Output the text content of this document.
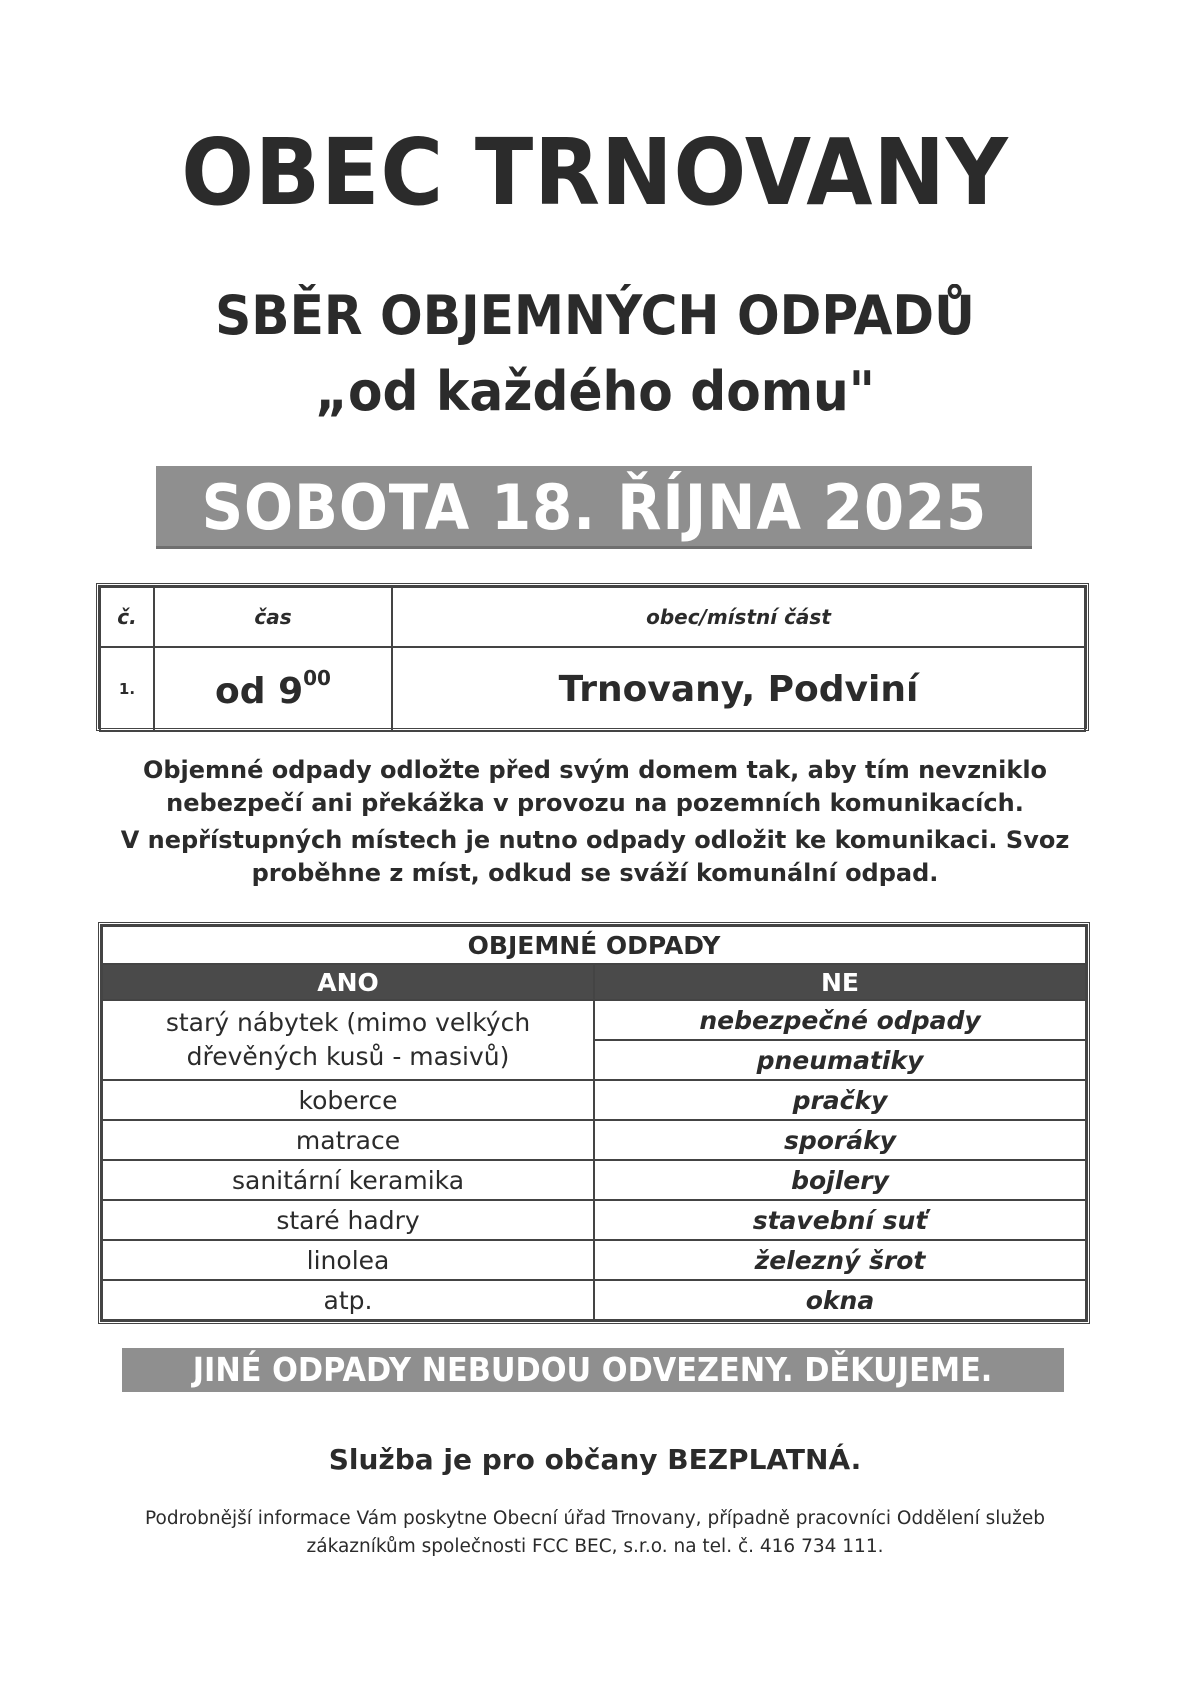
OBEC TRNOVANY
SBĚR OBJEMNÝCH ODPADŮ
„od každého domu"
SOBOTA 18. ŘÍJNA 2025
č.	čas	obec/místní část
1.	od $9^{00}$	Trnovany, Podviní

Objemné odpady odložte před svým domem tak, aby tím nevzniklo nebezpečí ani překážka v provozu na pozemních komunikacích.

V nepřístupných místech je nutno odpady odložit ke komunikaci. Svoz proběhne z míst, odkud se sváží komunální odpad.

OBJEMNÉ ODPADY	
ANO	NE
starý nábytek (mimo velkých dřevěných kusů - masivů)	nebezpečné odpady
	pneumatiky
koberce	pračky
matrace	sporáky
sanitární keramika	bojlery
staré hadry	stavební suť
linolea	železný šrot
atp.	okna
JINÉ ODPADY NEBUDOU ODVEZENY. DĚKUJEME.
Služba je pro občany BEZPLATNÁ.
Podrobnější informace Vám poskytne Obecní úřad Trnovany, případně pracovníci Oddělení služeb zákazníkům společnosti FCC BEC, s.r.o. na tel. č. 416 734 111.
